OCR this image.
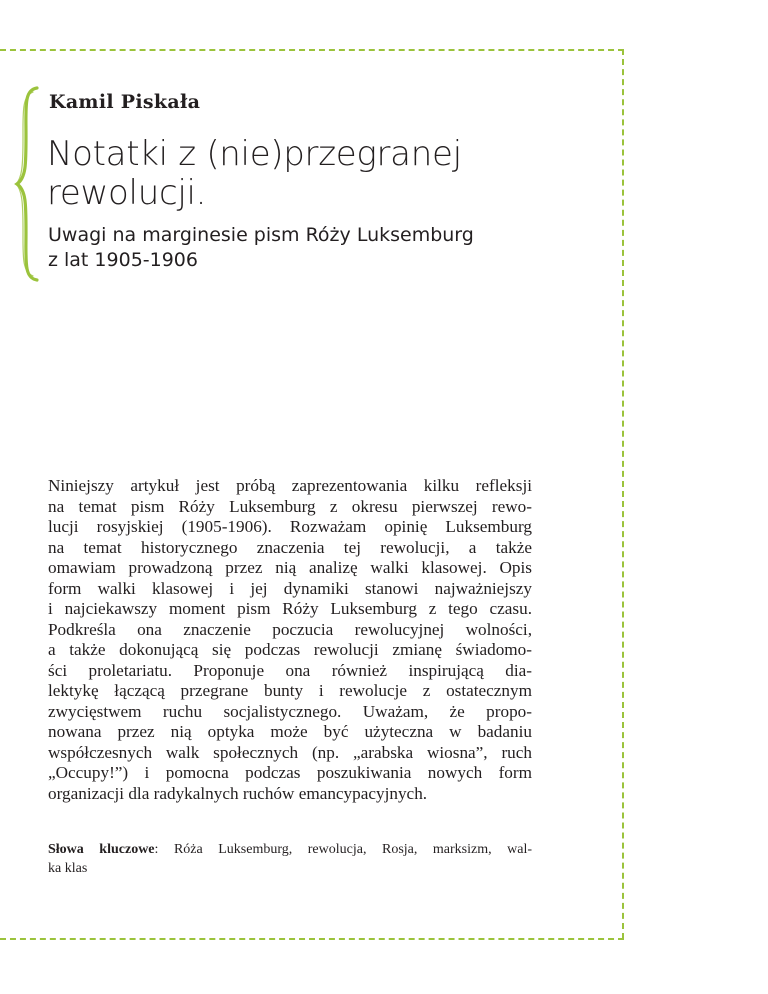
Kamil Piskała
Notatki z (nie)przegranej
rewolucji.
Uwagi na marginesie pism Róży Luksemburg
z lat 1905-1906
Niniejszy artykuł jest próbą zaprezentowania kilku refleksji
na temat pism Róży Luksemburg z okresu pierwszej rewo-
lucji rosyjskiej (1905-1906). Rozważam opinię Luksemburg
na temat historycznego znaczenia tej rewolucji, a także
omawiam prowadzoną przez nią analizę walki klasowej. Opis
form walki klasowej i jej dynamiki stanowi najważniejszy
i najciekawszy moment pism Róży Luksemburg z tego czasu.
Podkreśla ona znaczenie poczucia rewolucyjnej wolności,
a także dokonującą się podczas rewolucji zmianę świadomo-
ści proletariatu. Proponuje ona również inspirującą dia-
lektykę łączącą przegrane bunty i rewolucje z ostatecznym
zwycięstwem ruchu socjalistycznego. Uważam, że propo-
nowana przez nią optyka może być użyteczna w badaniu
współczesnych walk społecznych (np. „arabska wiosna”, ruch
„Occupy!”) i pomocna podczas poszukiwania nowych form
organizacji dla radykalnych ruchów emancypacyjnych.
Słowa kluczowe: Róża Luksemburg, rewolucja, Rosja, marksizm, wal-
ka klas
